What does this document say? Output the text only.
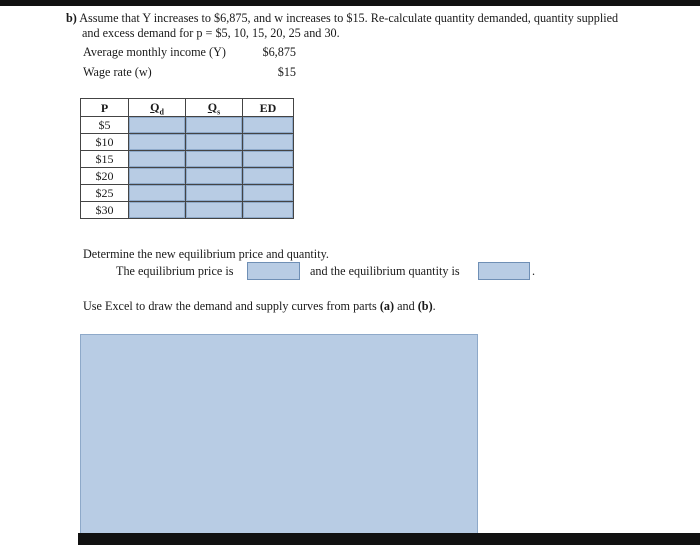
b) Assume that Y increases to $6,875, and w increases to $15. Re-calculate quantity demanded, quantity supplied
and excess demand for p = $5, 10, 15, 20, 25 and 30.
Average monthly income (Y)	$6,875
Wage rate (w)	$15
P	$Q_d$	$Q_s$	ED
$5			
$10			
$15			
$20			
$25			
$30			
Determine the new equilibrium price and quantity.
The equilibrium price is	and the equilibrium quantity is	.
Use Excel to draw the demand and supply curves from parts (a) and (b).
